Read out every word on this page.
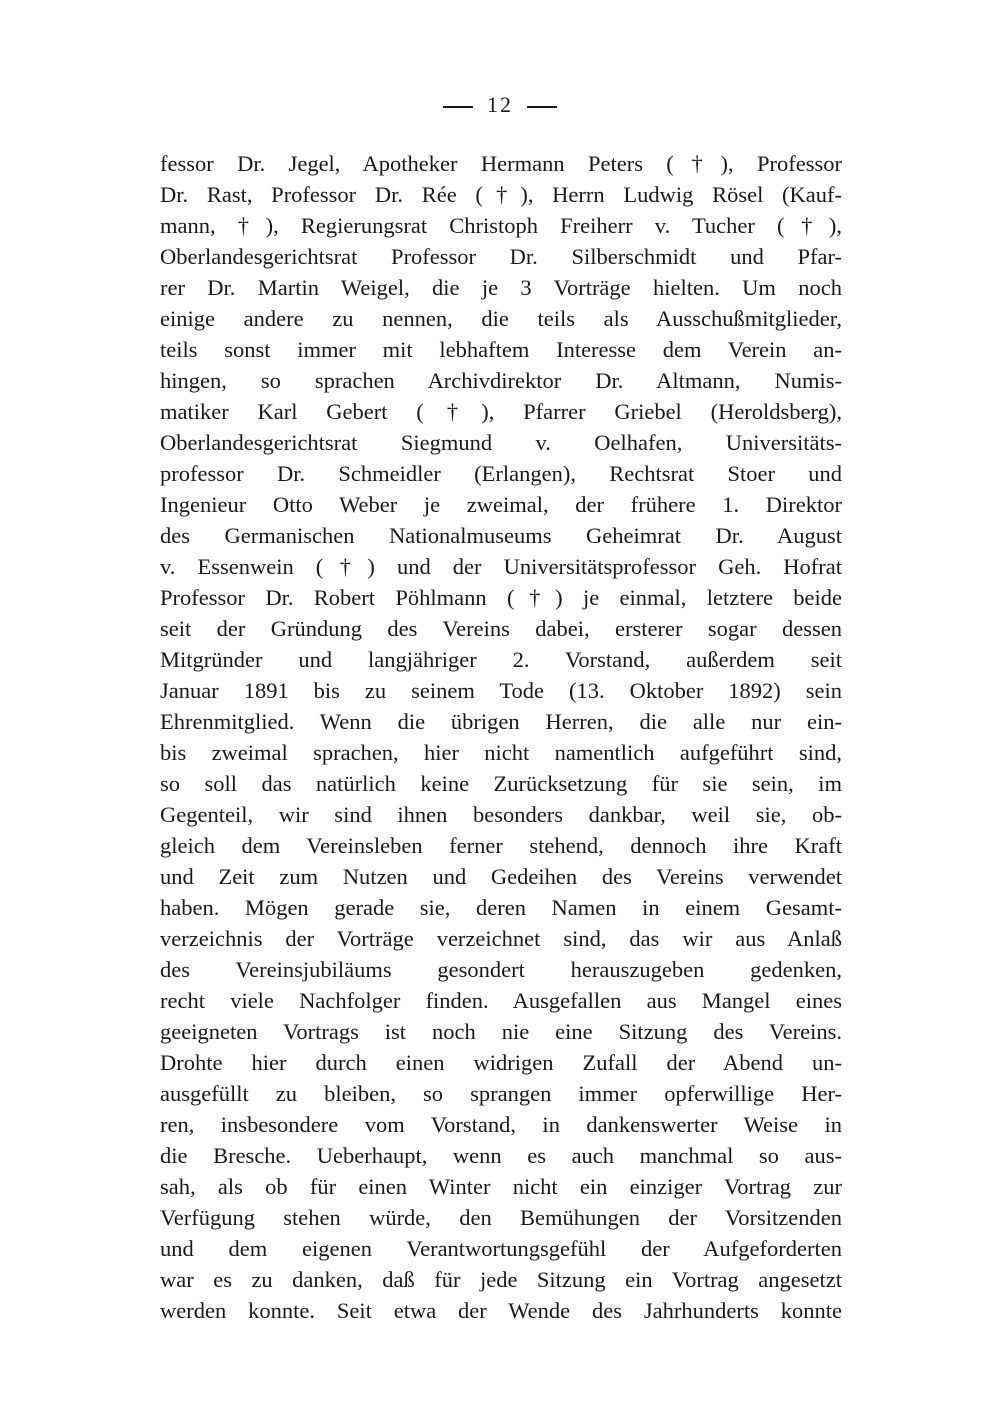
12
fessor Dr. Jegel, Apotheker Hermann Peters (†), Professor
Dr. Rast, Professor Dr. Rée (†), Herrn Ludwig Rösel (Kauf-
mann, †), Regierungsrat Christoph Freiherr v. Tucher (†),
Oberlandesgerichtsrat Professor Dr. Silberschmidt und Pfar-
rer Dr. Martin Weigel, die je 3 Vorträge hielten. Um noch
einige andere zu nennen, die teils als Ausschußmitglieder,
teils sonst immer mit lebhaftem Interesse dem Verein an-
hingen, so sprachen Archivdirektor Dr. Altmann, Numis-
matiker Karl Gebert (†), Pfarrer Griebel (Heroldsberg),
Oberlandesgerichtsrat Siegmund v. Oelhafen, Universitäts-
professor Dr. Schmeidler (Erlangen), Rechtsrat Stoer und
Ingenieur Otto Weber je zweimal, der frühere 1. Direktor
des Germanischen Nationalmuseums Geheimrat Dr. August
v. Essenwein (†) und der Universitätsprofessor Geh. Hofrat
Professor Dr. Robert Pöhlmann (†) je einmal, letztere beide
seit der Gründung des Vereins dabei, ersterer sogar dessen
Mitgründer und langjähriger 2. Vorstand, außerdem seit
Januar 1891 bis zu seinem Tode (13. Oktober 1892) sein
Ehrenmitglied. Wenn die übrigen Herren, die alle nur ein-
bis zweimal sprachen, hier nicht namentlich aufgeführt sind,
so soll das natürlich keine Zurücksetzung für sie sein, im
Gegenteil, wir sind ihnen besonders dankbar, weil sie, ob-
gleich dem Vereinsleben ferner stehend, dennoch ihre Kraft
und Zeit zum Nutzen und Gedeihen des Vereins verwendet
haben. Mögen gerade sie, deren Namen in einem Gesamt-
verzeichnis der Vorträge verzeichnet sind, das wir aus Anlaß
des Vereinsjubiläums gesondert herauszugeben gedenken,
recht viele Nachfolger finden. Ausgefallen aus Mangel eines
geeigneten Vortrags ist noch nie eine Sitzung des Vereins.
Drohte hier durch einen widrigen Zufall der Abend un-
ausgefüllt zu bleiben, so sprangen immer opferwillige Her-
ren, insbesondere vom Vorstand, in dankenswerter Weise in
die Bresche. Ueberhaupt, wenn es auch manchmal so aus-
sah, als ob für einen Winter nicht ein einziger Vortrag zur
Verfügung stehen würde, den Bemühungen der Vorsitzenden
und dem eigenen Verantwortungsgefühl der Aufgeforderten
war es zu danken, daß für jede Sitzung ein Vortrag angesetzt
werden konnte. Seit etwa der Wende des Jahrhunderts konnte
